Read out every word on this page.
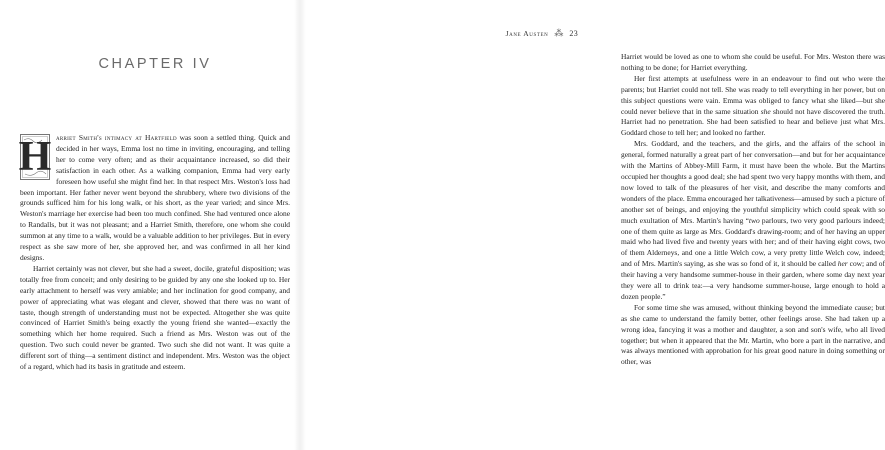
CHAPTER IV

H arriet Smith's intimacy at Hartfield was soon a settled thing. Quick and decided in her ways, Emma lost no time in inviting, encouraging, and telling her to come very often; and as their acquaintance increased, so did their satisfaction in each other. As a walking companion, Emma had very early foreseen how useful she might find her. In that respect Mrs. Weston's loss had been important. Her father never went beyond the shrubbery, where two divisions of the grounds sufficed him for his long walk, or his short, as the year varied; and since Mrs. Weston's marriage her exercise had been too much confined. She had ventured once alone to Randalls, but it was not pleasant; and a Harriet Smith, therefore, one whom she could summon at any time to a walk, would be a valuable addition to her privileges. But in every respect as she saw more of her, she approved her, and was confirmed in all her kind designs.

Harriet certainly was not clever, but she had a sweet, docile, grateful disposition; was totally free from conceit; and only desiring to be guided by any one she looked up to. Her early attachment to herself was very amiable; and her inclination for good company, and power of appreciating what was elegant and clever, showed that there was no want of taste, though strength of understanding must not be expected. Altogether she was quite convinced of Harriet Smith's being exactly the young friend she wanted—exactly the something which her home required. Such a friend as Mrs. Weston was out of the question. Two such could never be granted. Two such she did not want. It was quite a different sort of thing—a sentiment distinct and independent. Mrs. Weston was the object of a regard, which had its basis in gratitude and esteem.

Jane Austen ⁂ 23

Harriet would be loved as one to whom she could be useful. For Mrs. Weston there was nothing to be done; for Harriet everything.

Her first attempts at usefulness were in an endeavour to find out who were the parents; but Harriet could not tell. She was ready to tell everything in her power, but on this subject questions were vain. Emma was obliged to fancy what she liked—but she could never believe that in the same situation she should not have discovered the truth. Harriet had no penetration. She had been satisfied to hear and believe just what Mrs. Goddard chose to tell her; and looked no farther.

Mrs. Goddard, and the teachers, and the girls, and the affairs of the school in general, formed naturally a great part of her conversation—and but for her acquaintance with the Martins of Abbey-Mill Farm, it must have been the whole. But the Martins occupied her thoughts a good deal; she had spent two very happy months with them, and now loved to talk of the pleasures of her visit, and describe the many comforts and wonders of the place. Emma encouraged her talkativeness—amused by such a picture of another set of beings, and enjoying the youthful simplicity which could speak with so much exultation of Mrs. Martin's having “two parlours, two very good parlours indeed; one of them quite as large as Mrs. Goddard's drawing-room; and of her having an upper maid who had lived five and twenty years with her; and of their having eight cows, two of them Alderneys, and one a little Welch cow, a very pretty little Welch cow, indeed; and of Mrs. Martin's saying, as she was so fond of it, it should be called her cow; and of their having a very handsome summer-house in their garden, where some day next year they were all to drink tea:—a very handsome summer-house, large enough to hold a dozen people.”

For some time she was amused, without thinking beyond the immediate cause; but as she came to understand the family better, other feelings arose. She had taken up a wrong idea, fancying it was a mother and daughter, a son and son's wife, who all lived together; but when it appeared that the Mr. Martin, who bore a part in the narrative, and was always mentioned with approbation for his great good nature in doing something or other, was
